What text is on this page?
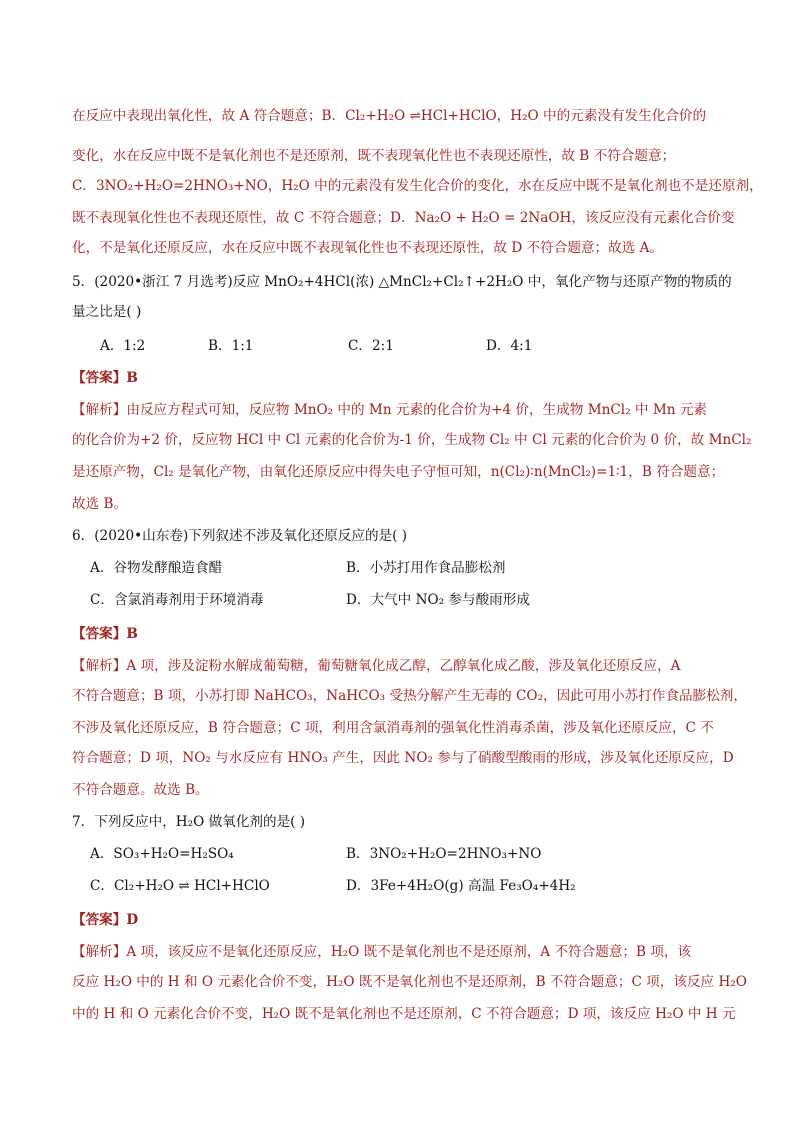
在反应中表现出氧化性，故 A 符合题意；B．Cl₂+H₂O ⇌HCl+HClO，H₂O 中的元素没有发生化合价的
变化，水在反应中既不是氧化剂也不是还原剂，既不表现氧化性也不表现还原性，故 B 不符合题意；
C．3NO₂+H₂O=2HNO₃+NO，H₂O 中的元素没有发生化合价的变化，水在反应中既不是氧化剂也不是还原剂，
既不表现氧化性也不表现还原性，故 C 不符合题意；D．Na₂O + H₂O = 2NaOH，该反应没有元素化合价变
化，不是氧化还原反应，水在反应中既不表现氧化性也不表现还原性，故 D 不符合题意；故选 A。
5．(2020•浙江 7 月选考)反应 MnO₂+4HCl(浓) △MnCl₂+Cl₂↑+2H₂O 中，氧化产物与还原产物的物质的
量之比是( )
【答案】B
【解析】由反应方程式可知，反应物 MnO₂ 中的 Mn 元素的化合价为+4 价，生成物 MnCl₂ 中 Mn 元素
的化合价为+2 价，反应物 HCl 中 Cl 元素的化合价为-1 价，生成物 Cl₂ 中 Cl 元素的化合价为 0 价，故 MnCl₂
是还原产物，Cl₂ 是氧化产物，由氧化还原反应中得失电子守恒可知，n(Cl₂)∶n(MnCl₂)=1∶1，B 符合题意；
故选 B。
6．(2020•山东卷)下列叙述不涉及氧化还原反应的是( )
【答案】B
【解析】A 项，涉及淀粉水解成葡萄糖，葡萄糖氧化成乙醇，乙醇氧化成乙酸，涉及氧化还原反应，A
不符合题意；B 项，小苏打即 NaHCO₃，NaHCO₃ 受热分解产生无毒的 CO₂，因此可用小苏打作食品膨松剂，
不涉及氧化还原反应，B 符合题意；C 项，利用含氯消毒剂的强氧化性消毒杀菌，涉及氧化还原反应，C 不
符合题意；D 项，NO₂ 与水反应有 HNO₃ 产生，因此 NO₂ 参与了硝酸型酸雨的形成，涉及氧化还原反应，D
不符合题意。故选 B。
7．下列反应中，H₂O 做氧化剂的是( )
【答案】D
【解析】A 项，该反应不是氧化还原反应，H₂O 既不是氧化剂也不是还原剂，A 不符合题意；B 项，该
反应 H₂O 中的 H 和 O 元素化合价不变，H₂O 既不是氧化剂也不是还原剂，B 不符合题意；C 项，该反应 H₂O
中的 H 和 O 元素化合价不变，H₂O 既不是氧化剂也不是还原剂，C 不符合题意；D 项，该反应 H₂O 中 H 元
A．1:2	B．1:1	C．2:1	D．4:1
A．谷物发酵酿造食醋	B．小苏打用作食品膨松剂
C．含氯消毒剂用于环境消毒	D．大气中 NO₂ 参与酸雨形成
A．SO₃+H₂O=H₂SO₄	B．3NO₂+H₂O=2HNO₃+NO
C．Cl₂+H₂O ⇌ HCl+HClO	D．3Fe+4H₂O(g) 高温 Fe₃O₄+4H₂
